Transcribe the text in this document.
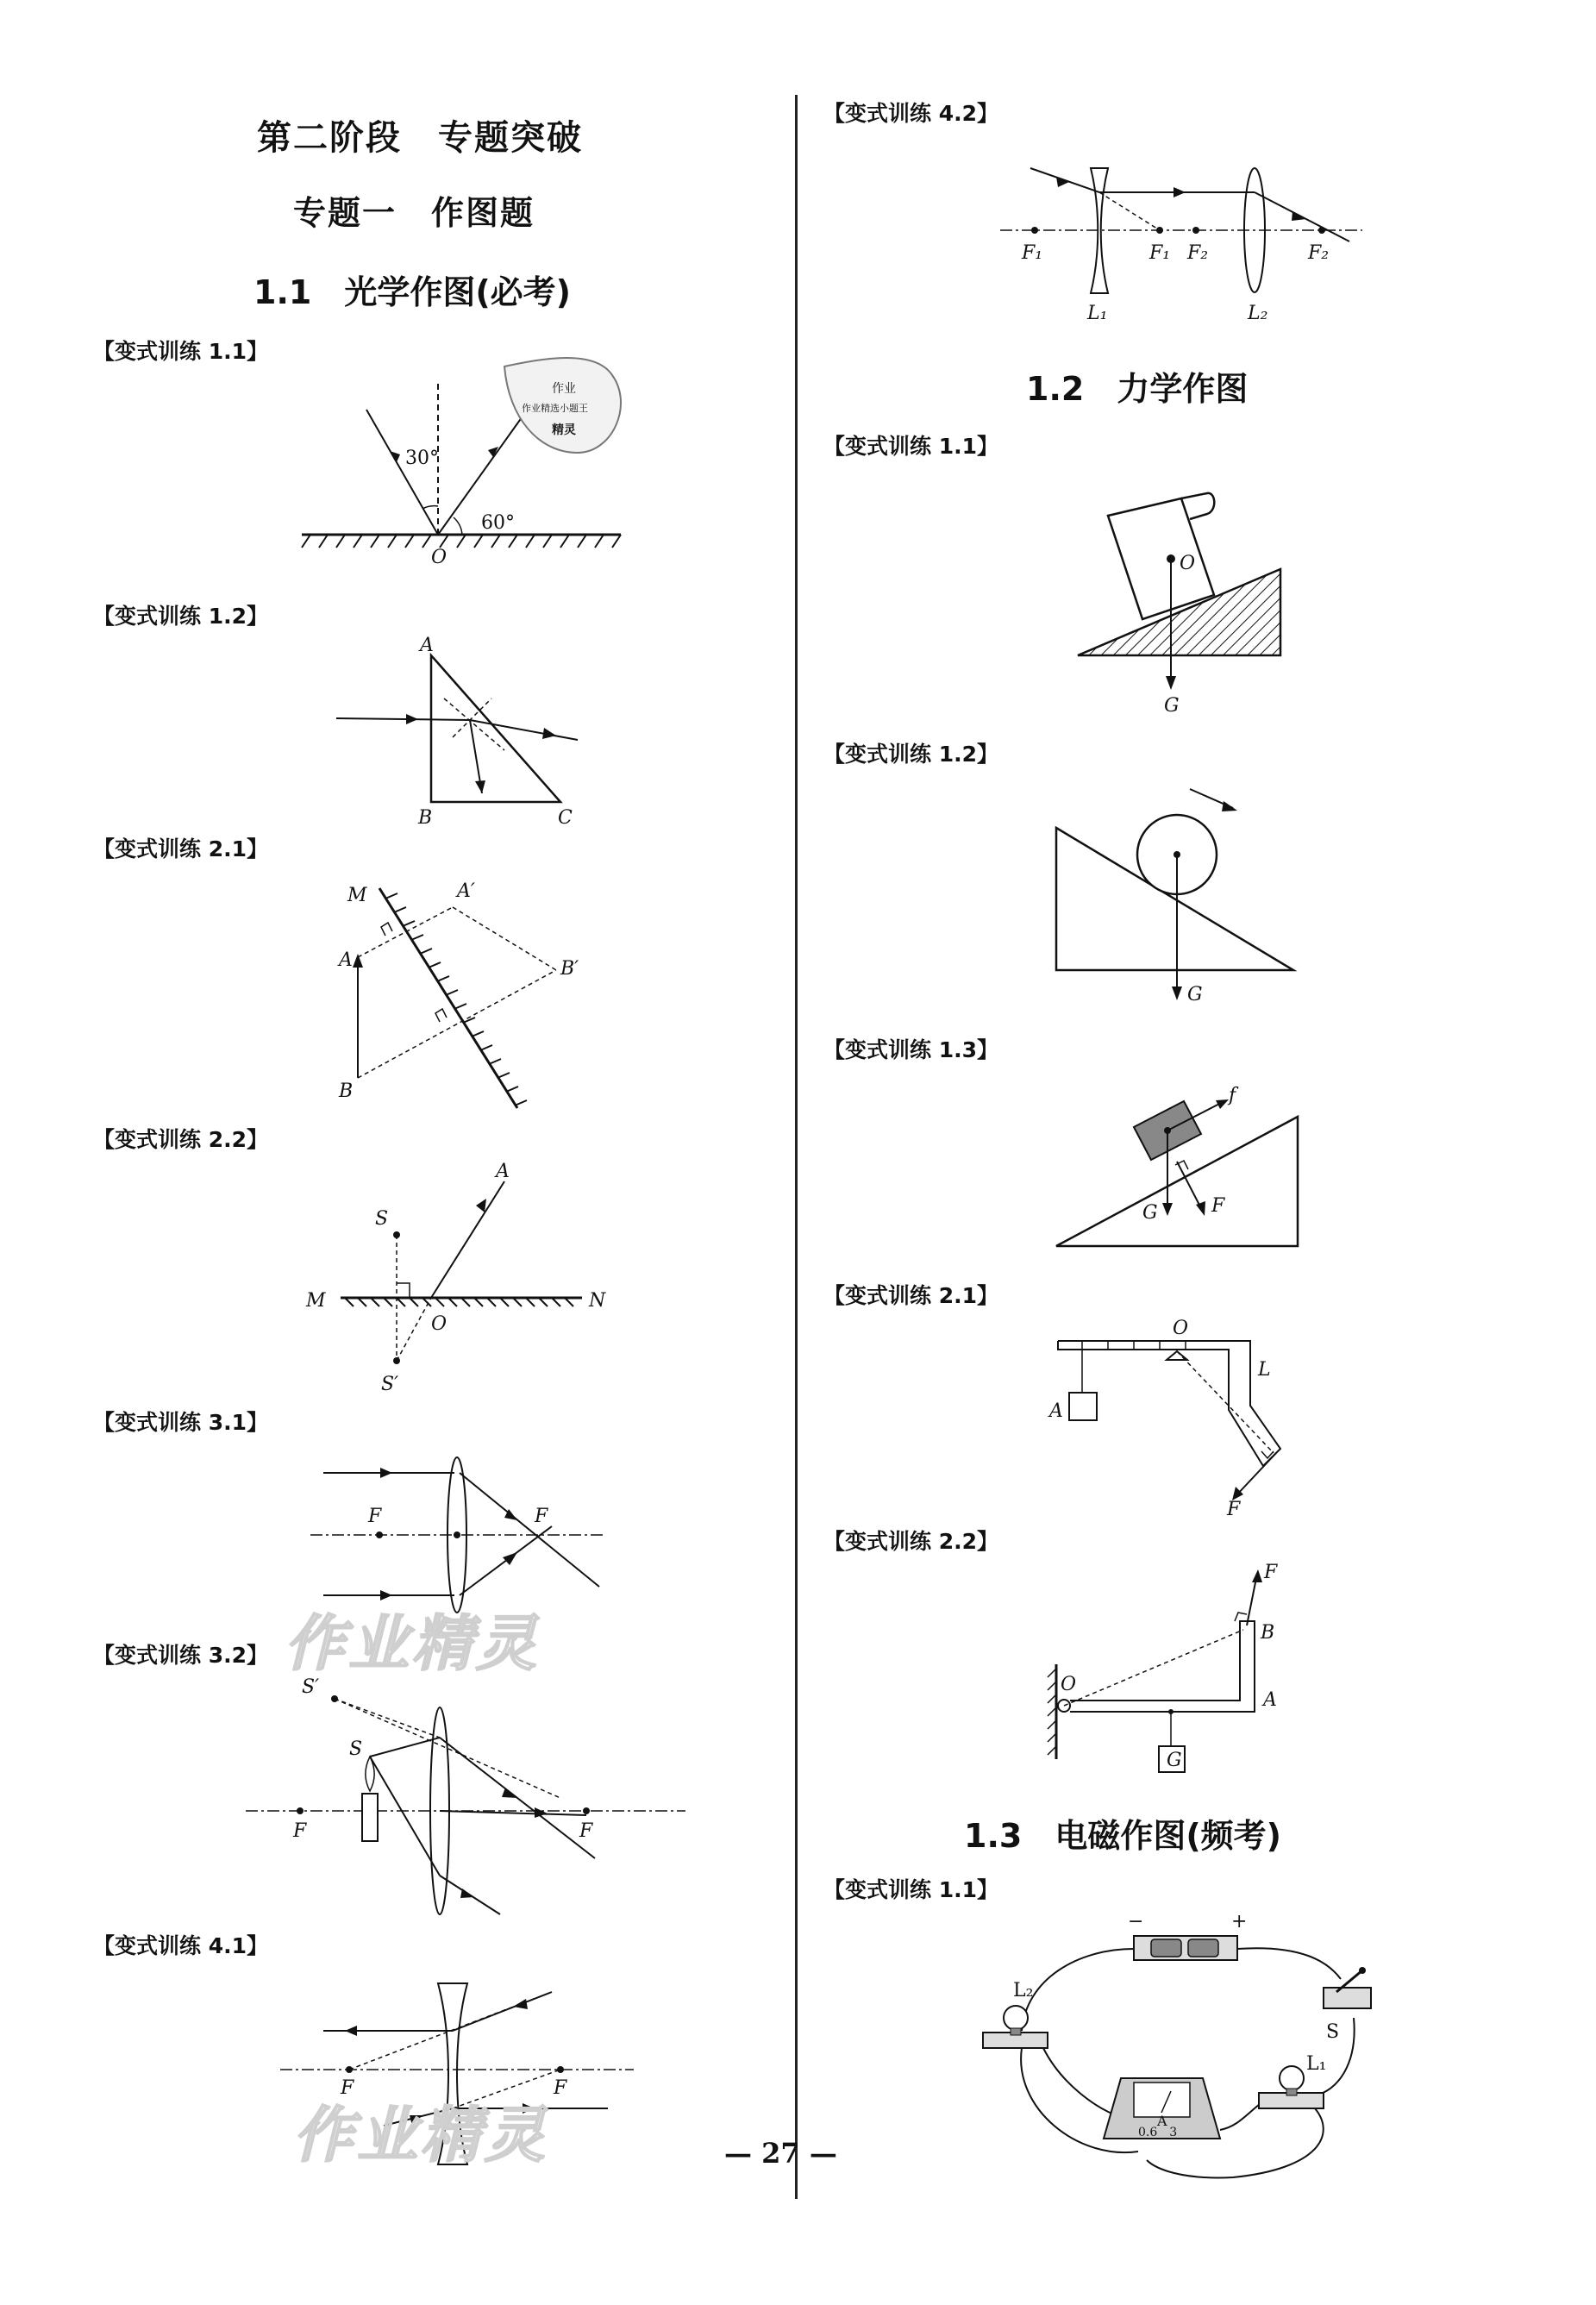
第二阶段　专题突破
专题一　作图题
1.1　光学作图(必考)
【变式训练 1.1】
30°
60°
O
作业
作业精选小题王
精灵
【变式训练 1.2】
A
B	C
【变式训练 2.1】
M	A′
A	B′
B
【变式训练 2.2】
S
A
M	N
O
S′
【变式训练 3.1】
F	F
作业精灵
【变式训练 3.2】
S′
S
F	F
【变式训练 4.1】
F	F
作业精灵
【变式训练 4.2】
F₁	F₁ F₂	F₂
L₁	L₂
1.2　力学作图
【变式训练 1.1】
O
G
【变式训练 1.2】
G
【变式训练 1.3】
f
G	F
【变式训练 2.1】
O
A
L
F
【变式训练 2.2】
O
F
B
A
G
1.3　电磁作图(频考)
【变式训练 1.1】
−	+
S
L₂
L₁
A
0.6　3
— 27 —
